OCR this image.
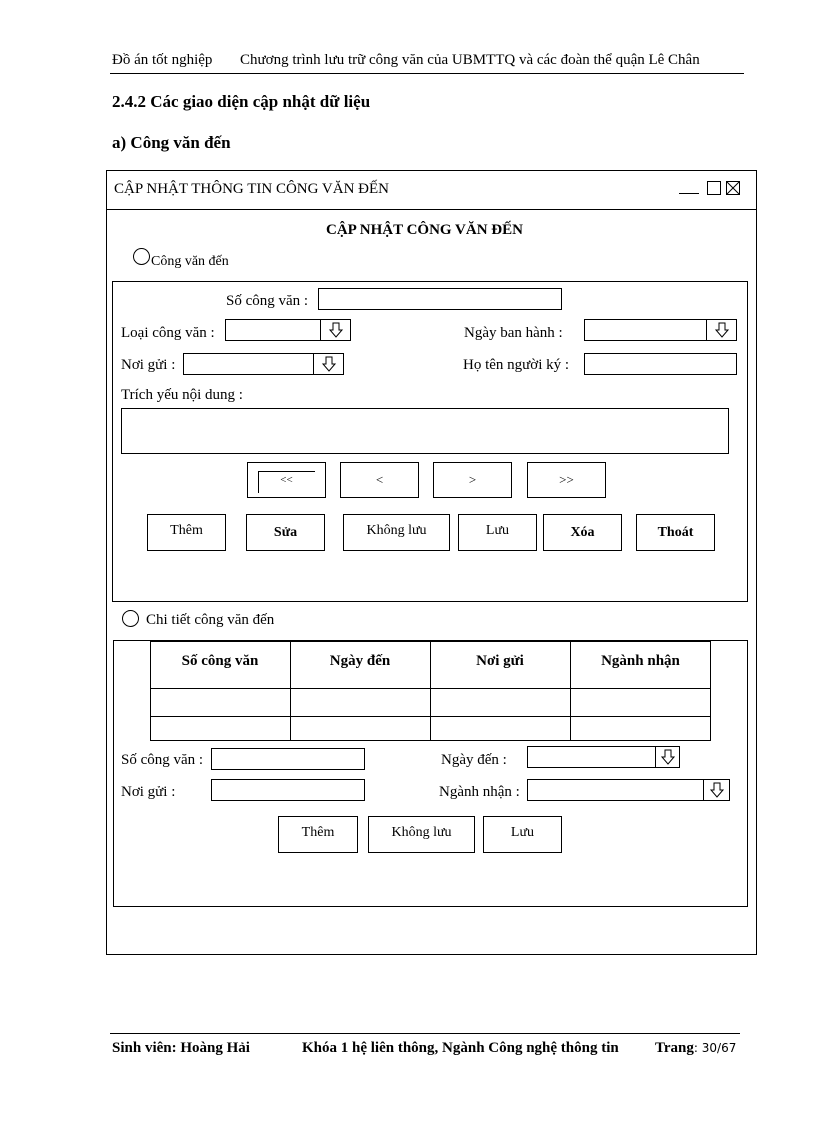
Đồ án tốt nghiệp Chương trình lưu trữ công văn của UBMTTQ và các đoàn thể quận Lê Chân
2.4.2 Các giao diện cập nhật dữ liệu
a) Công văn đến
CẬP NHẬT THÔNG TIN CÔNG VĂN ĐẾN
CẬP NHẬT CÔNG VĂN ĐẾN
Công văn đến
Số công văn :
Loại công văn :	Ngày ban hành :
Nơi gửi :	Họ tên người ký :
Trích yếu nội dung :
<<	<	>	>>
Thêm	Sửa	Không lưu	Lưu	Xóa	Thoát
Chi tiết công văn đến
Số công văn	Ngày đến	Nơi gửi	Ngành nhận
Số công văn :	Ngày đến :
Nơi gửi :	Ngành nhận :
Thêm	Không lưu	Lưu
Sinh viên: Hoàng Hải	Khóa 1 hệ liên thông, Ngành Công nghệ thông tin Trang: 30/67
